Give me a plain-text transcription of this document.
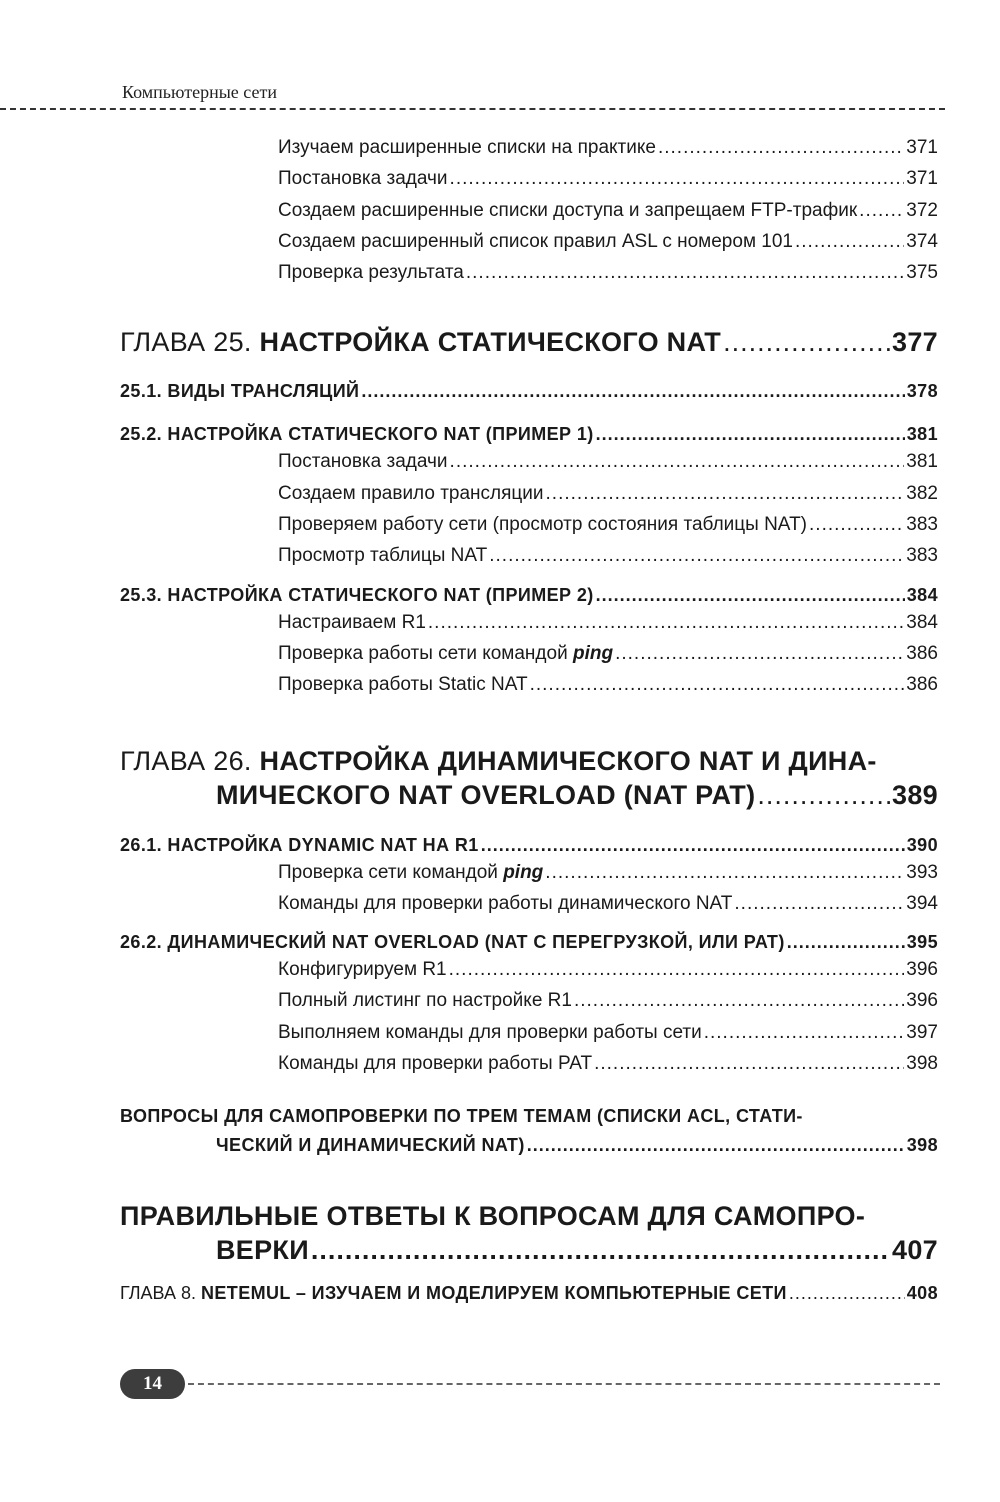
Компьютерные сети
Изучаем расширенные списки на практике .....	371
Постановка задачи .....	371
Создаем расширенные списки доступа и запрещаем FTP-трафик .....	372
Создаем расширенный список правил ASL с номером 101 .....	374
Проверка результата .....	375
ГЛАВА 25. НАСТРОЙКА СТАТИЧЕСКОГО NAT .....	377
25.1. ВИДЫ ТРАНСЛЯЦИЙ .....	378
25.2. НАСТРОЙКА СТАТИЧЕСКОГО NAT (ПРИМЕР 1) .....	381
Постановка задачи .....	381
Создаем правило трансляции .....	382
Проверяем работу сети (просмотр состояния таблицы NAT) .....	383
Просмотр таблицы NAT .....	383
25.3. НАСТРОЙКА СТАТИЧЕСКОГО NAT (ПРИМЕР 2) .....	384
Настраиваем R1 .....	384
Проверка работы сети командой ping .....	386
Проверка работы Static NAT .....	386
ГЛАВА 26. НАСТРОЙКА ДИНАМИЧЕСКОГО NAT И ДИНА-
МИЧЕСКОГО NAT OVERLOAD (NAT PAT) .....	389
26.1. НАСТРОЙКА DYNAMIC NAT НА R1 .....	390
Проверка сети командой ping .....	393
Команды для проверки работы динамического NAT .....	394
26.2. ДИНАМИЧЕСКИЙ NAT OVERLOAD (NAT С ПЕРЕГРУЗКОЙ, ИЛИ PAT) .....	395
Конфигурируем R1 .....	396
Полный листинг по настройке R1 .....	396
Выполняем команды для проверки работы сети .....	397
Команды для проверки работы PAT .....	398
ВОПРОСЫ ДЛЯ САМОПРОВЕРКИ ПО ТРЕМ ТЕМАМ (СПИСКИ ACL, СТАТИ-
ЧЕСКИЙ И ДИНАМИЧЕСКИЙ NAT) .....	398
ПРАВИЛЬНЫЕ ОТВЕТЫ К ВОПРОСАМ ДЛЯ САМОПРО-
ВЕРКИ .....	407
ГЛАВА 8. NETEMUL – ИЗУЧАЕМ И МОДЕЛИРУЕМ КОМПЬЮТЕРНЫЕ СЕТИ .....	408
14
